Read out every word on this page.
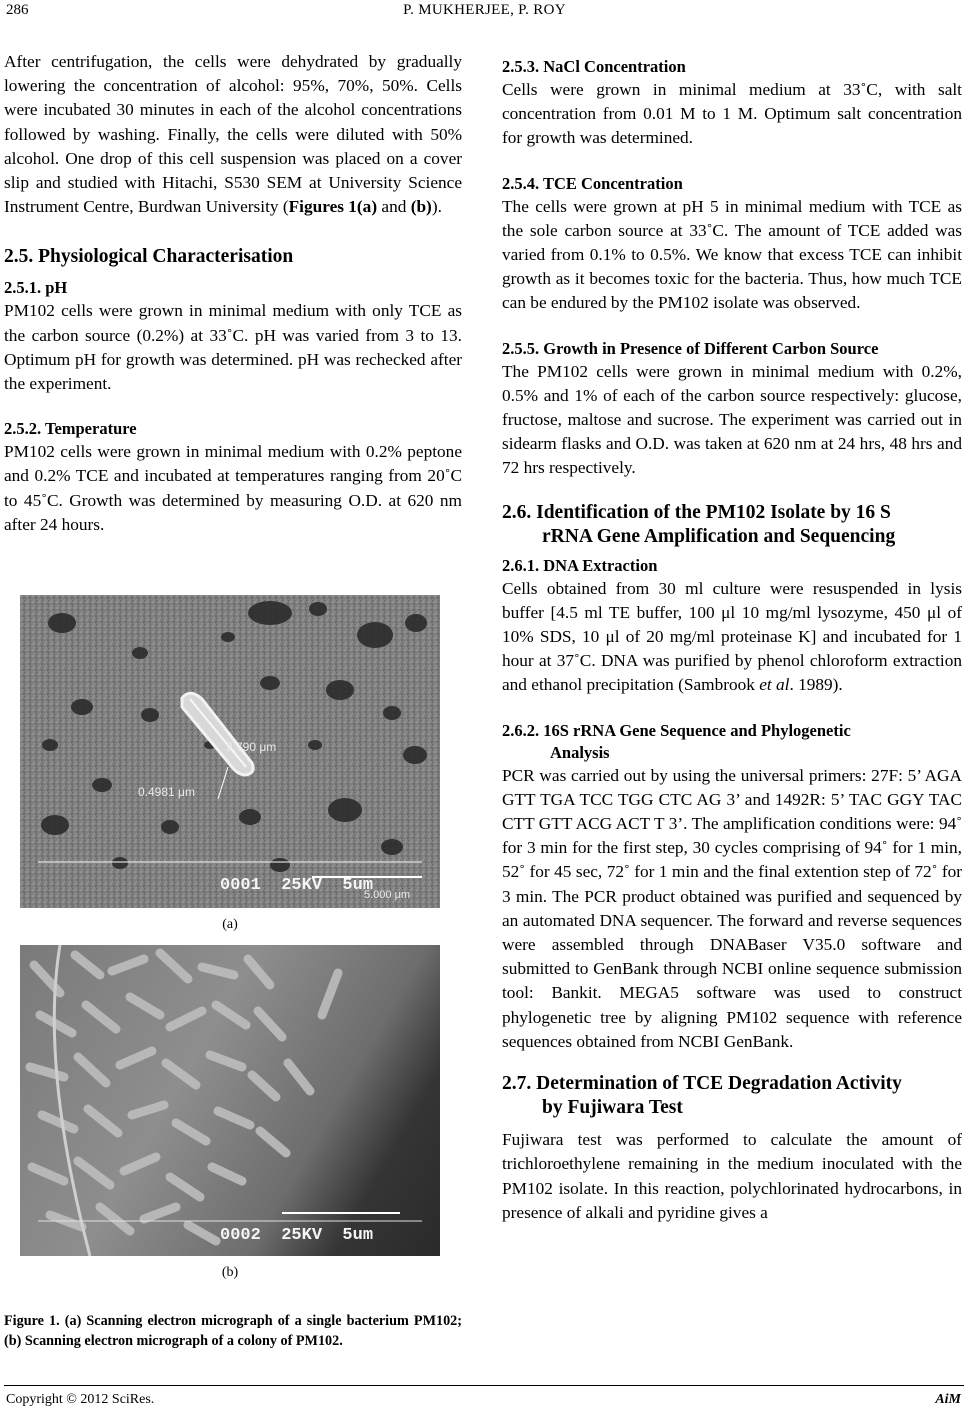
286	P. MUKHERJEE, P. ROY

After centrifugation, the cells were dehydrated by gradually lowering the concentration of alcohol: 95%, 70%, 50%. Cells were incubated 30 minutes in each of the alcohol concentrations followed by washing. Finally, the cells were diluted with 50% alcohol. One drop of this cell suspension was placed on a cover slip and studied with Hitachi, S530 SEM at University Science Instrument Centre, Burdwan University (Figures 1(a) and (b)).

2.5. Physiological Characterisation

2.5.1. pH

PM102 cells were grown in minimal medium with only TCE as the carbon source (0.2%) at 33˚C. pH was varied from 3 to 13. Optimum pH for growth was determined. pH was rechecked after the experiment.

2.5.2. Temperature

PM102 cells were grown in minimal medium with 0.2% peptone and 0.2% TCE and incubated at temperatures ranging from 20˚C to 45˚C. Growth was determined by measuring O.D. at 620 nm after 24 hours.

2.790 μm
0.4981 μm
0001  25KV  5um
5.000 μm

(a)

0002  25KV  5um

(b)

Figure 1. (a) Scanning electron micrograph of a single bacterium PM102; (b) Scanning electron micrograph of a colony of PM102.

2.5.3. NaCl Concentration

Cells were grown in minimal medium at 33˚C, with salt concentration from 0.01 M to 1 M. Optimum salt concentration for growth was determined.

2.5.4. TCE Concentration

The cells were grown at pH 5 in minimal medium with TCE as the sole carbon source at 33˚C. The amount of TCE added was varied from 0.1% to 0.5%. We know that excess TCE can inhibit growth as it becomes toxic for the bacteria. Thus, how much TCE can be endured by the PM102 isolate was observed.

2.5.5. Growth in Presence of Different Carbon Source

The PM102 cells were grown in minimal medium with 0.2%, 0.5% and 1% of each of the carbon source respectively: glucose, fructose, maltose and sucrose. The experiment was carried out in sidearm flasks and O.D. was taken at 620 nm at 24 hrs, 48 hrs and 72 hrs respectively.

2.6. Identification of the PM102 Isolate by 16 S

rRNA Gene Amplification and Sequencing

2.6.1. DNA Extraction

Cells obtained from 30 ml culture were resuspended in lysis buffer [4.5 ml TE buffer, 100 μl 10 mg/ml lysozyme, 450 μl of 10% SDS, 10 μl of 20 mg/ml proteinase K] and incubated for 1 hour at 37˚C. DNA was purified by phenol chloroform extraction and ethanol precipitation (Sambrook et al. 1989).

2.6.2. 16S rRNA Gene Sequence and Phylogenetic

Analysis

PCR was carried out by using the universal primers: 27F: 5’ AGA GTT TGA TCC TGG CTC AG 3’ and 1492R: 5’ TAC GGY TAC CTT GTT ACG ACT T 3’. The amplification conditions were: 94˚ for 3 min for the first step, 30 cycles comprising of 94˚ for 1 min, 52˚ for 45 sec, 72˚ for 1 min and the final extention step of 72˚ for 3 min. The PCR product obtained was purified and sequenced by an automated DNA sequencer. The forward and reverse sequences were assembled through DNABaser V35.0 software and submitted to GenBank through NCBI online sequence submission tool: Bankit. MEGA5 software was used to construct phylogenetic tree by aligning PM102 sequence with reference sequences obtained from NCBI GenBank.

2.7. Determination of TCE Degradation Activity

by Fujiwara Test

Fujiwara test was performed to calculate the amount of trichloroethylene remaining in the medium inoculated with the PM102 isolate. In this reaction, polychlorinated hydrocarbons, in presence of alkali and pyridine gives a

Copyright © 2012 SciRes.	AiM
